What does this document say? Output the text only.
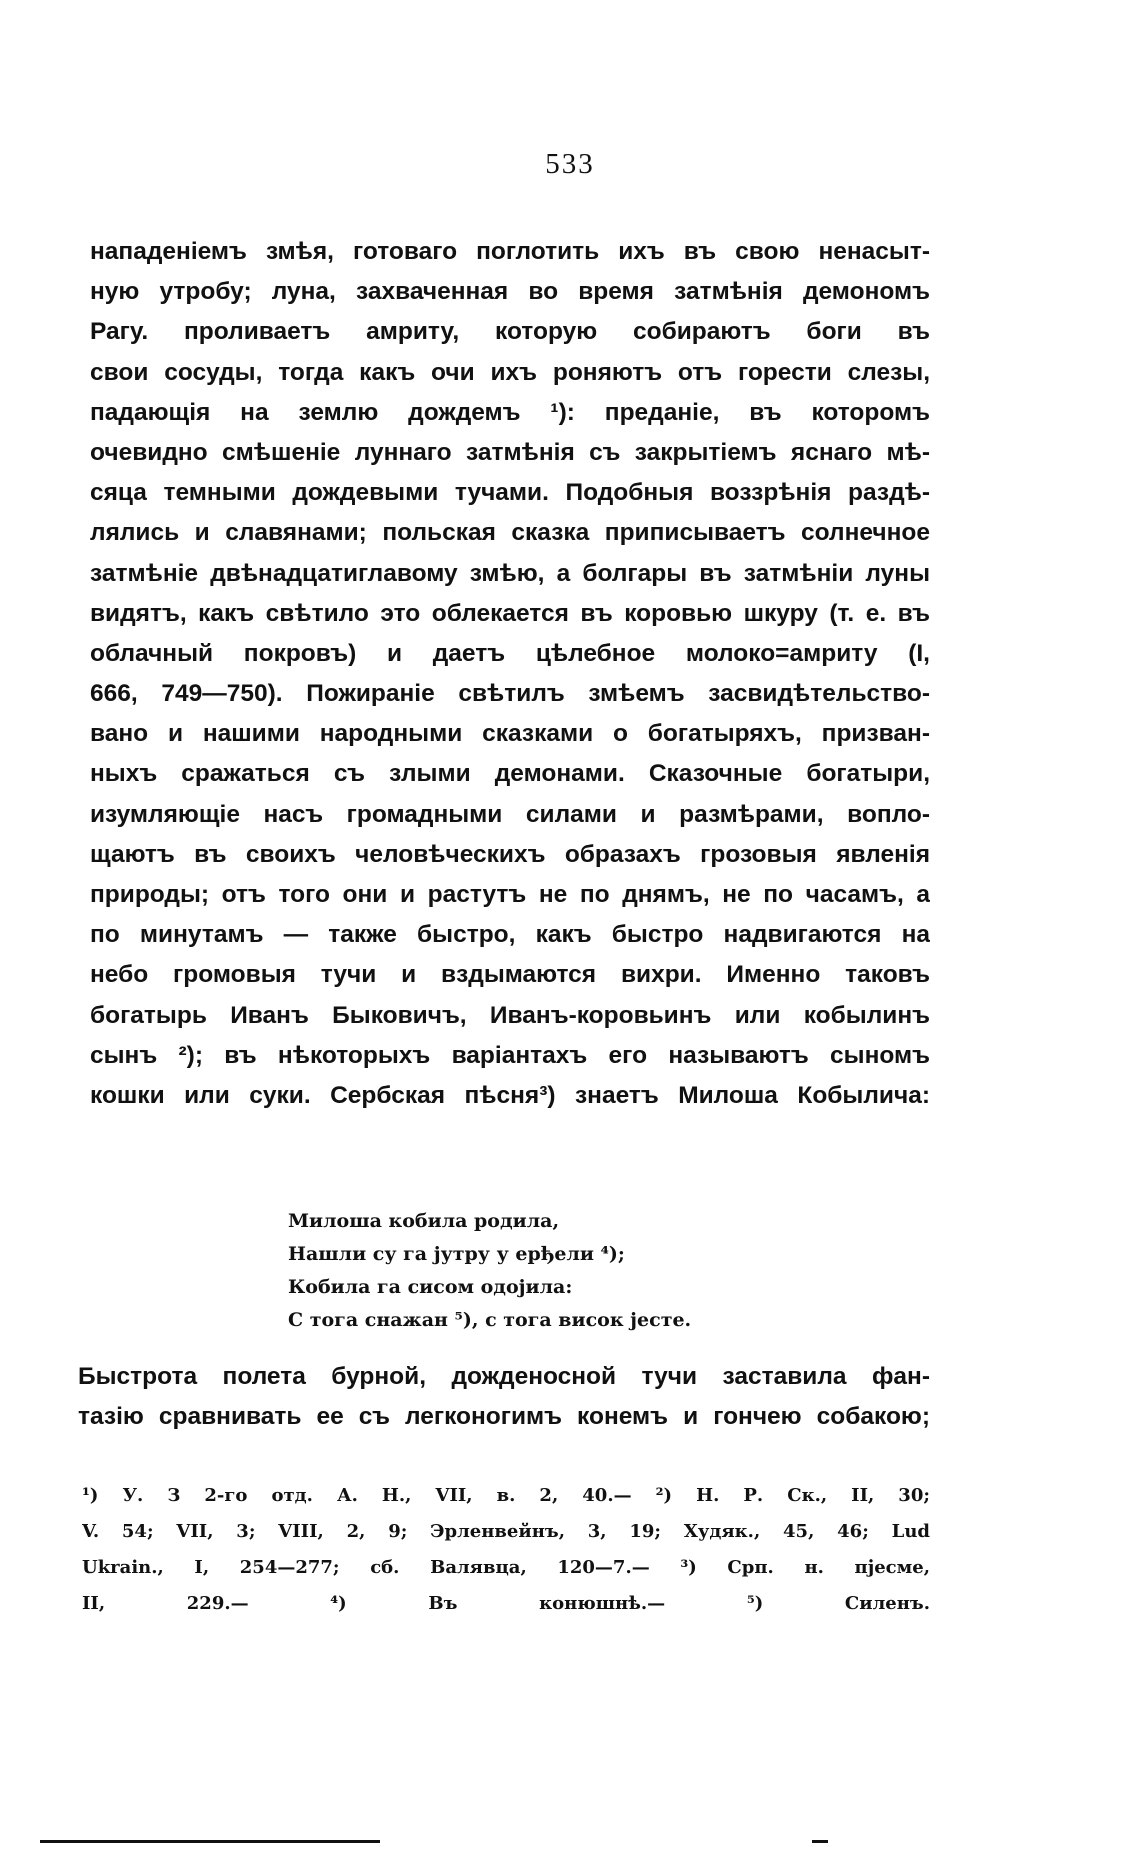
533
нападеніемъ змѣя, готоваго поглотить ихъ въ свою ненасыт-
ную утробу; луна, захваченная во время затмѣнія демономъ
Рагу. проливаетъ амриту, которую собираютъ боги въ
свои сосуды, тогда какъ очи ихъ роняютъ отъ горести слезы,
падающія на землю дождемъ ¹): преданіе, въ которомъ
очевидно смѣшеніе луннаго затмѣнія съ закрытіемъ яснаго мѣ-
сяца темными дождевыми тучами. Подобныя воззрѣнія раздѣ-
лялись и славянами; польская сказка приписываетъ солнечное
затмѣніе двѣнадцатиглавому змѣю, а болгары въ затмѣніи луны
видятъ, какъ свѣтило это облекается въ коровью шкуру (т. е. въ
облачный покровъ) и даетъ цѣлебное молоко=амриту (I,
666, 749—750). Пожираніе свѣтилъ змѣемъ засвидѣтельство-
вано и нашими народными сказками о богатыряхъ, призван-
ныхъ сражаться съ злыми демонами. Сказочные богатыри,
изумляющіе насъ громадными силами и размѣрами, вопло-
щаютъ въ своихъ человѣческихъ образахъ грозовыя явленія
природы; отъ того они и растутъ не по днямъ, не по часамъ, а
по минутамъ — также быстро, какъ быстро надвигаются на
небо громовыя тучи и вздымаются вихри. Именно таковъ
богатырь Иванъ Быковичъ, Иванъ-коровьинъ или кобылинъ
сынъ ²); въ нѣкоторыхъ варіантахъ его называютъ сыномъ
кошки или суки. Сербская пѣсня³) знаетъ Милоша Кобылича:
Милоша кобила родила,
Нашли су га јутру у ерђели ⁴);
Кобила га сисом одојила:
С тога снажан ⁵), с тога висок јесте.
Быстрота полета бурной, дожденосной тучи заставила фан-
тазію сравнивать ее съ легконогимъ конемъ и гончею собакою;
¹) У. З 2-го отд. А. Н., VII, в. 2, 40.— ²) Н. Р. Ск., II, 30;
V. 54; VII, 3; VIII, 2, 9; Эрленвейнъ, 3, 19; Худяк., 45, 46; Lud
Ukrain., I, 254—277; сб. Валявца, 120—7.— ³) Срп. н. пјесме,
II, 229.— ⁴) Въ конюшнѣ.— ⁵) Силенъ.
